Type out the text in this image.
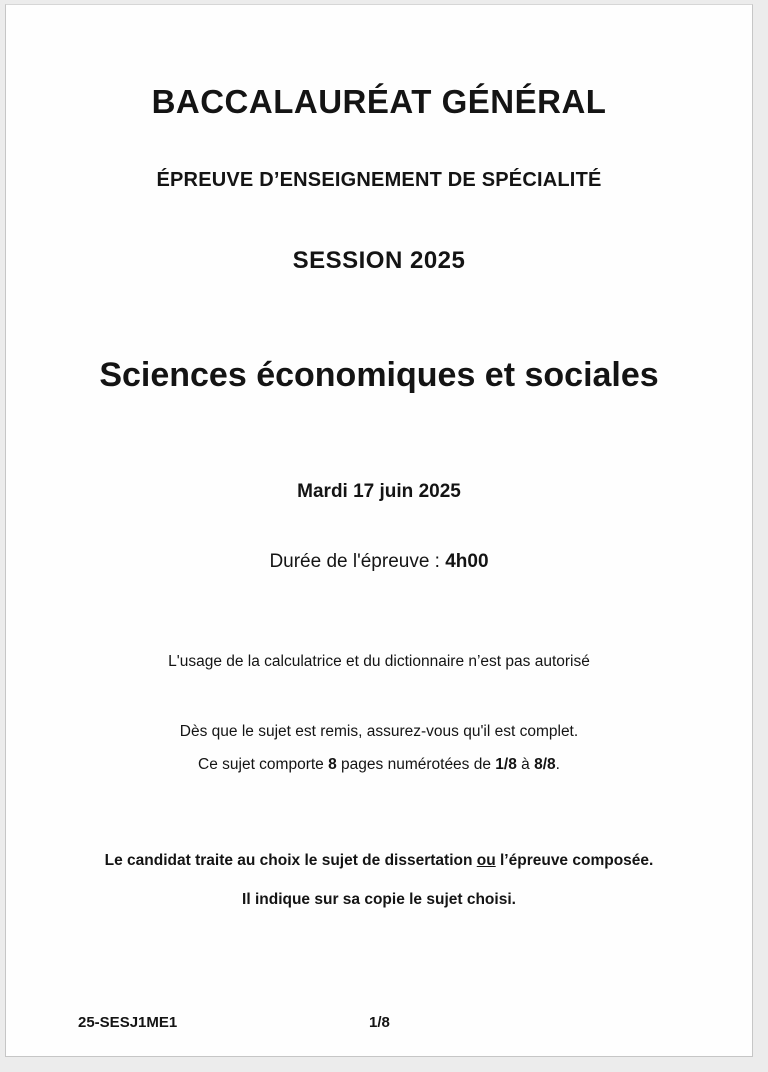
BACCALAURÉAT GÉNÉRAL
ÉPREUVE D’ENSEIGNEMENT DE SPÉCIALITÉ
SESSION 2025
Sciences économiques et sociales
Mardi 17 juin 2025
Durée de l'épreuve : 4h00
L'usage de la calculatrice et du dictionnaire n’est pas autorisé
Dès que le sujet est remis, assurez-vous qu'il est complet.
Ce sujet comporte 8 pages numérotées de 1/8 à 8/8.
Le candidat traite au choix le sujet de dissertation ou l’épreuve composée.
Il indique sur sa copie le sujet choisi.
25-SESJ1ME1	1/8
